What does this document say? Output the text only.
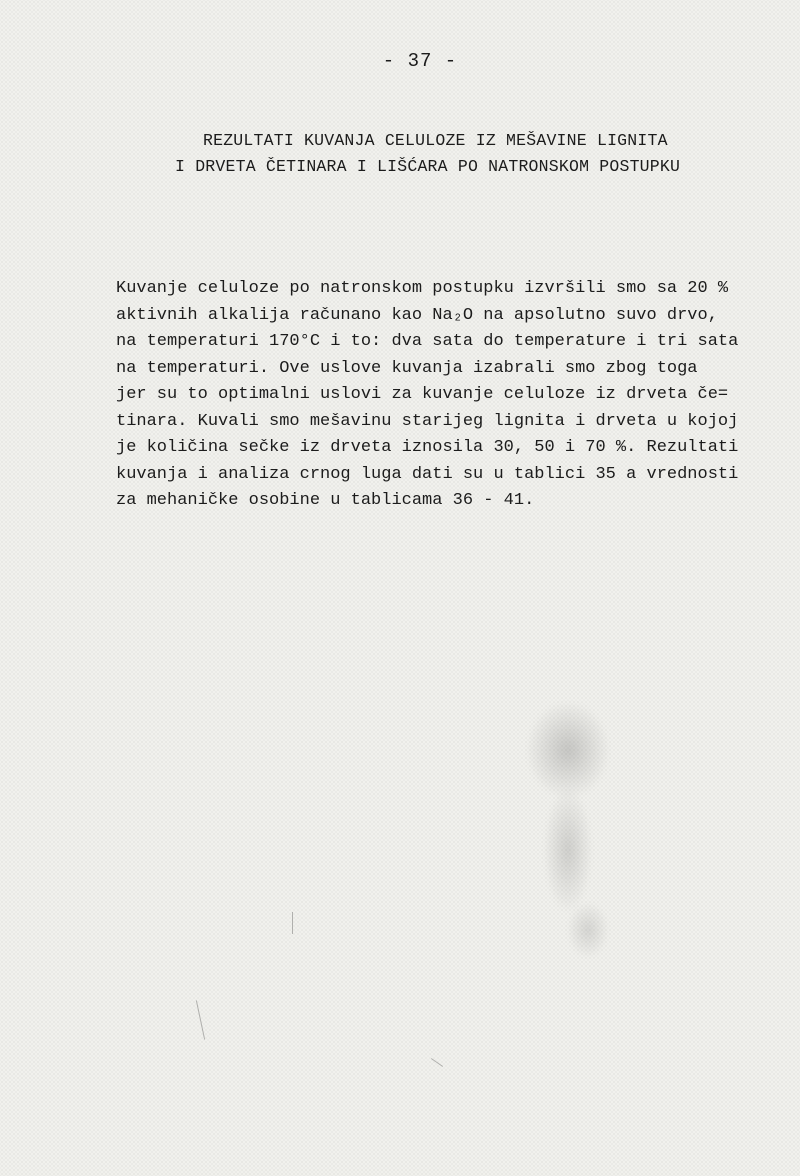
- 37 -
REZULTATI KUVANJA CELULOZE IZ MEŠAVINE LIGNITA
I DRVETA ČETINARA I LIŠĆARA PO NATRONSKOM POSTUPKU
Kuvanje celuloze po natronskom postupku izvršili smo sa 20 %
aktivnih alkalija računano kao Na₂O na apsolutno suvo drvo,
na temperaturi 170°C i to: dva sata do temperature i tri sata
na temperaturi. Ove uslove kuvanja izabrali smo zbog toga
jer su to optimalni uslovi za kuvanje celuloze iz drveta če=
tinara. Kuvali smo mešavinu starijeg lignita i drveta u kojoj
je količina sečke iz drveta iznosila 30, 50 i 70 %. Rezultati
kuvanja i analiza crnog luga dati su u tablici 35 a vrednosti
za mehaničke osobine u tablicama 36 - 41.
